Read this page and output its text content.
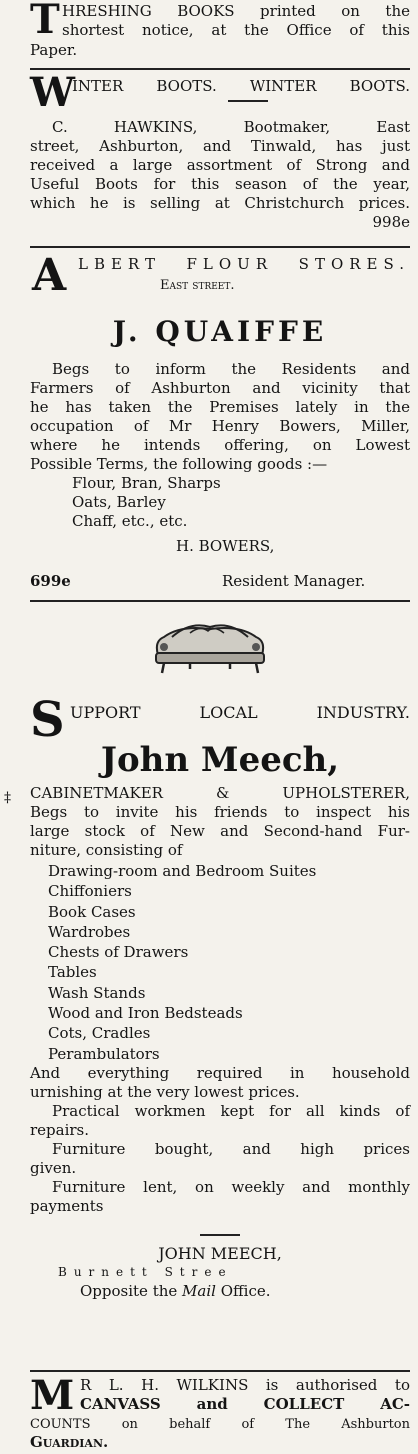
T HRESHING BOOKS printed on the

shortest notice, at the Office of this

Paper.

W

INTER BOOTS. WINTER BOOTS.

C. HAWKINS, Bootmaker, East

street, Ashburton, and Tinwald, has just

received a large assortment of Strong and

Useful Boots for this season of the year,

which he is selling at Christchurch prices.

998e

A LBERT FLOUR STORES.

East street.

J. QUAIFFE

Begs to inform the Residents and

Farmers of Ashburton and vicinity that

he has taken the Premises lately in the

occupation of Mr Henry Bowers, Miller,

where he intends offering, on Lowest

Possible Terms, the following goods :—

Flour, Bran, Sharps

Oats, Barley

Chaff, etc., etc.

H. BOWERS,

699e	Resident Manager.

S UPPORT LOCAL INDUSTRY.

John Meech,

‡ CABINETMAKER & UPHOLSTERER,

Begs to invite his friends to inspect his

large stock of New and Second-hand Fur-

niture, consisting of

Drawing-room and Bedroom Suites

Chiffoniers

Book Cases

Wardrobes

Chests of Drawers

Tables

Wash Stands

Wood and Iron Bedsteads

Cots, Cradles

Perambulators

And everything required in household

urnishing at the very lowest prices.

Practical workmen kept for all kinds of

repairs.

Furniture bought, and high prices

given.

Furniture lent, on weekly and monthly

payments

JOHN MEECH,

Burnett Stree

Opposite the Mail Office.

M R L. H. WILKINS is authorised to

CANVASS and COLLECT AC-

COUNTS on behalf of The Ashburton

Guardian.
